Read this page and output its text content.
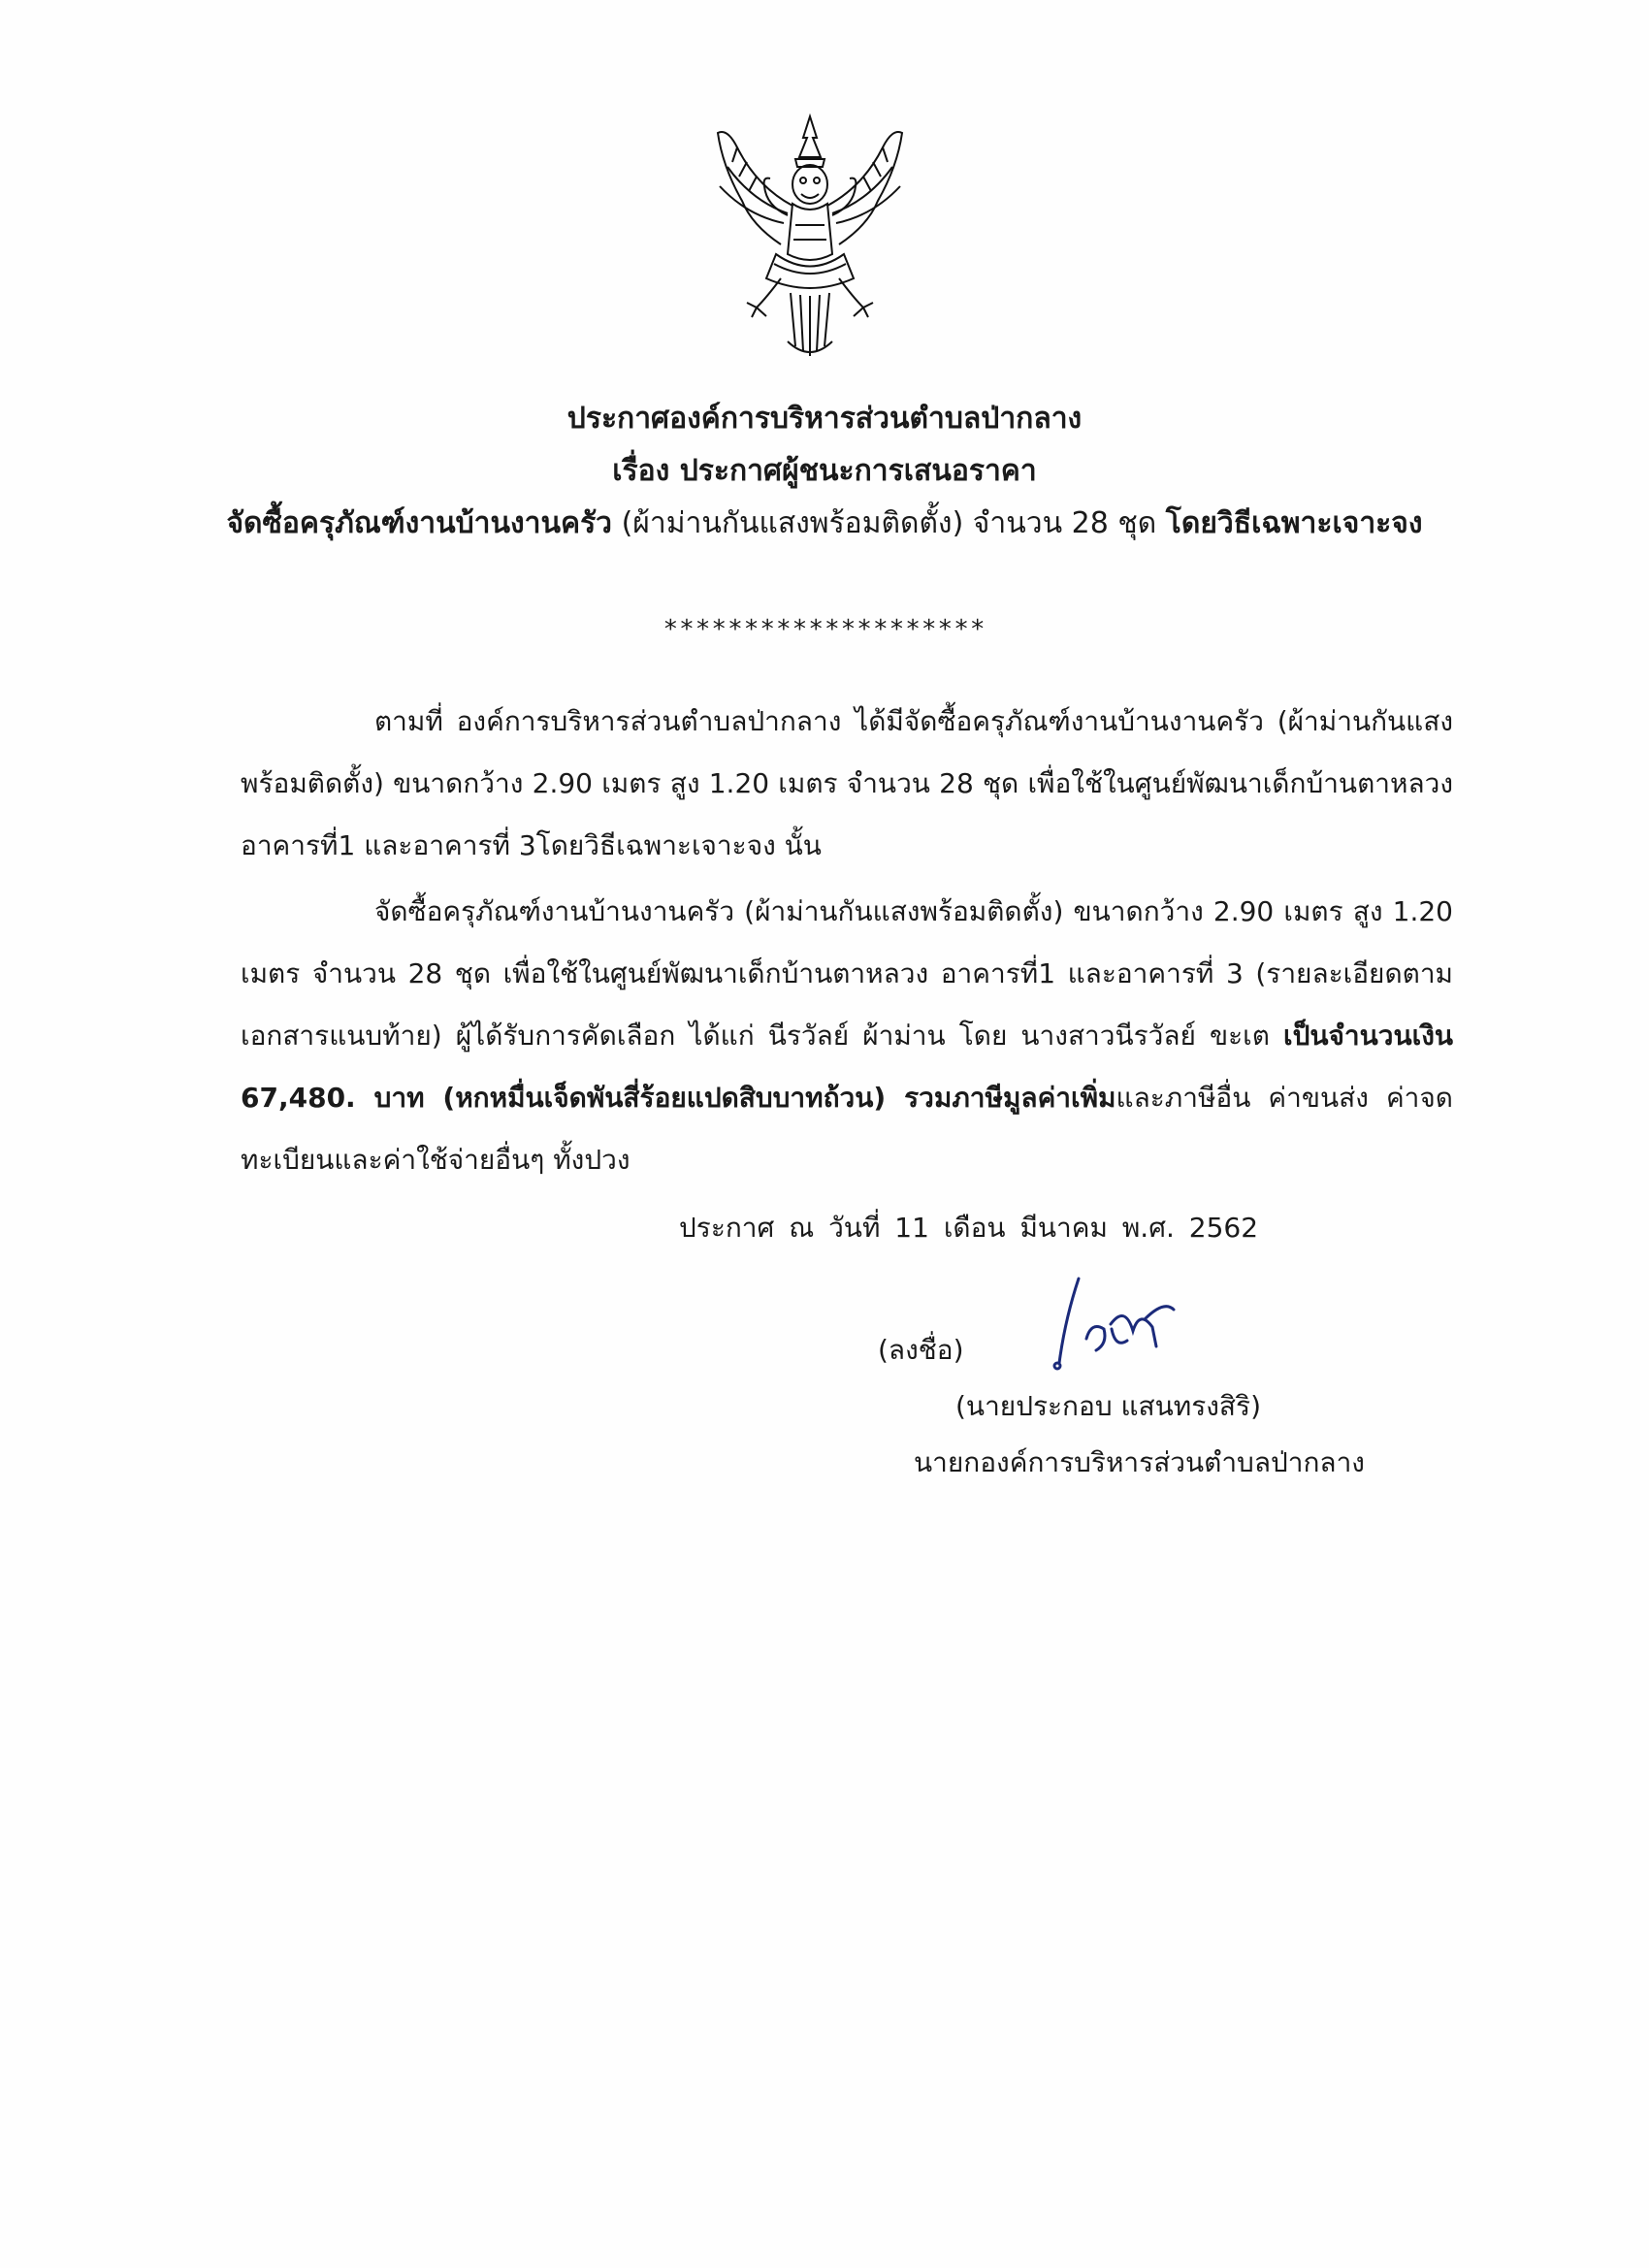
ประกาศองค์การบริหารส่วนตำบลป่ากลาง
เรื่อง ประกาศผู้ชนะการเสนอราคา
จัดซื้อครุภัณฑ์งานบ้านงานครัว (ผ้าม่านกันแสงพร้อมติดตั้ง) จำนวน 28 ชุด โดยวิธีเฉพาะเจาะจง
********************
ตามที่ องค์การบริหารส่วนตำบลป่ากลาง ได้มีจัดซื้อครุภัณฑ์งานบ้านงานครัว (ผ้าม่านกันแสงพร้อมติดตั้ง) ขนาดกว้าง 2.90 เมตร สูง 1.20 เมตร จำนวน 28 ชุด เพื่อใช้ในศูนย์พัฒนาเด็กบ้านตาหลวง อาคารที่1 และอาคารที่ 3โดยวิธีเฉพาะเจาะจง นั้น
จัดซื้อครุภัณฑ์งานบ้านงานครัว (ผ้าม่านกันแสงพร้อมติดตั้ง) ขนาดกว้าง 2.90 เมตร สูง 1.20 เมตร จำนวน 28 ชุด เพื่อใช้ในศูนย์พัฒนาเด็กบ้านตาหลวง อาคารที่1 และอาคารที่ 3 (รายละเอียดตามเอกสารแนบท้าย) ผู้ได้รับการคัดเลือก ได้แก่ นีรวัลย์ ผ้าม่าน โดย นางสาวนีรวัลย์ ขะเต เป็นจำนวนเงิน 67,480. บาท (หกหมื่นเจ็ดพันสี่ร้อยแปดสิบบาทถ้วน) รวมภาษีมูลค่าเพิ่มและภาษีอื่น ค่าขนส่ง ค่าจดทะเบียนและค่าใช้จ่ายอื่นๆ ทั้งปวง
ประกาศ ณ วันที่ 11 เดือน มีนาคม พ.ศ. 2562
(ลงชื่อ)
(นายประกอบ แสนทรงสิริ)
นายกองค์การบริหารส่วนตำบลป่ากลาง
